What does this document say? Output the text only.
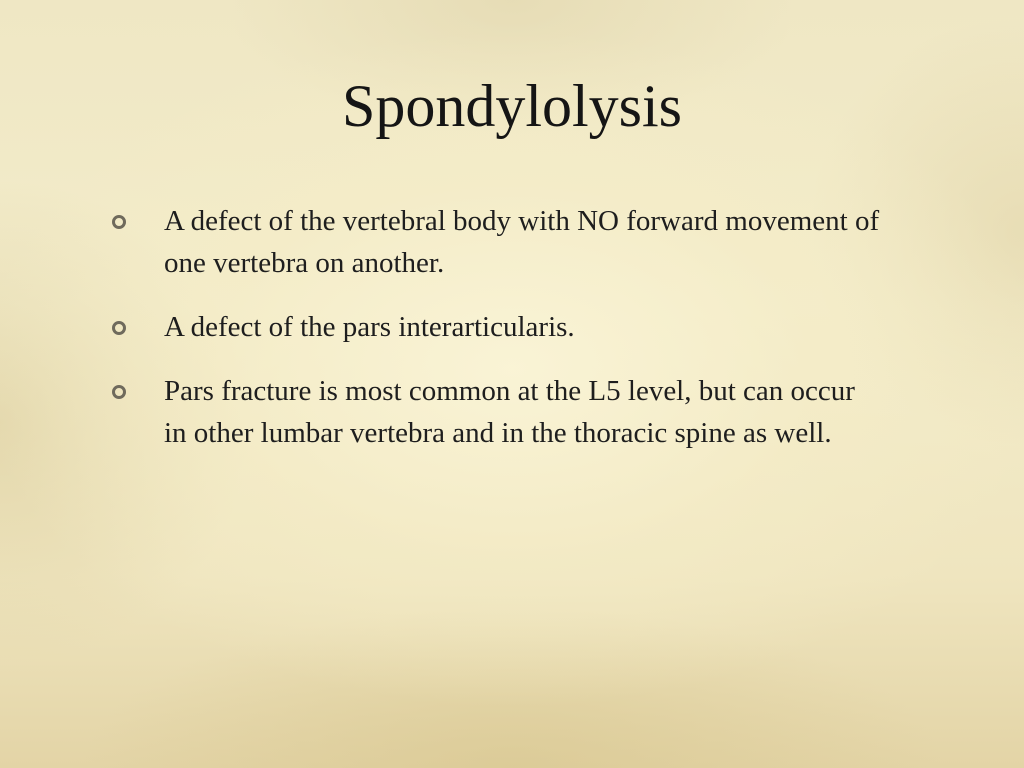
Spondylolysis
A defect of the vertebral body with NO forward movement of one vertebra on another.
A defect of the pars interarticularis.
Pars fracture is most common at the L5 level, but can occur in other lumbar vertebra and in the thoracic spine as well.
